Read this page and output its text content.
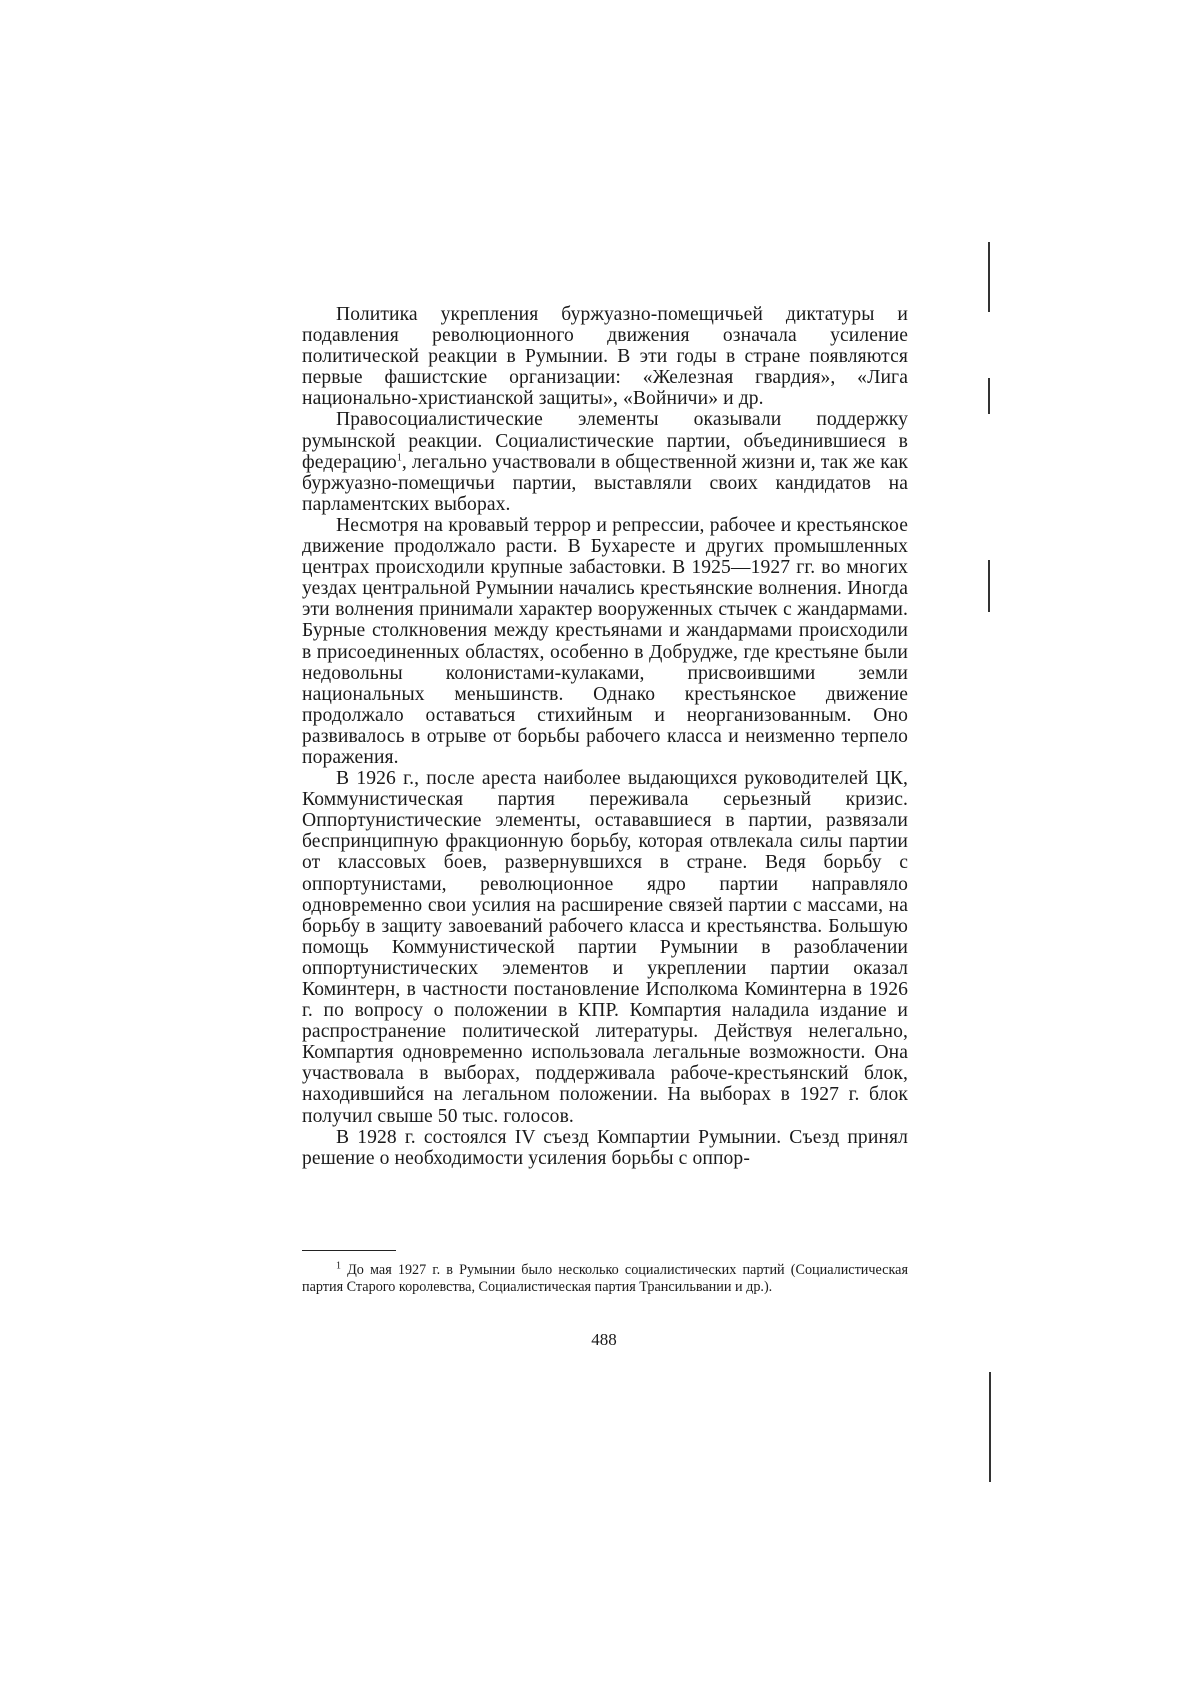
Политика укрепления буржуазно-помещичьей диктатуры и подавления революционного движения означала усиление политической реакции в Румынии. В эти годы в стране появляются первые фашистские организации: «Железная гвардия», «Лига национально-христианской защиты», «Войничи» и др.

Правосоциалистические элементы оказывали поддержку румынской реакции. Социалистические партии, объединившиеся в федерацию$^1$, легально участвовали в общественной жизни и, так же как буржуазно-помещичьи партии, выставляли своих кандидатов на парламентских выборах.

Несмотря на кровавый террор и репрессии, рабочее и крестьянское движение продолжало расти. В Бухаресте и других промышленных центрах происходили крупные забастовки. В 1925—1927 гг. во многих уездах центральной Румынии начались крестьянские волнения. Иногда эти волнения принимали характер вооруженных стычек с жандармами. Бурные столкновения между крестьянами и жандармами происходили в присоединенных областях, особенно в Добрудже, где крестьяне были недовольны колонистами-кулаками, присвоившими земли национальных меньшинств. Однако крестьянское движение продолжало оставаться стихийным и неорганизованным. Оно развивалось в отрыве от борьбы рабочего класса и неизменно терпело поражения.

В 1926 г., после ареста наиболее выдающихся руководителей ЦК, Коммунистическая партия переживала серьезный кризис. Оппортунистические элементы, остававшиеся в партии, развязали беспринципную фракционную борьбу, которая отвлекала силы партии от классовых боев, развернувшихся в стране. Ведя борьбу с оппортунистами, революционное ядро партии направляло одновременно свои усилия на расширение связей партии с массами, на борьбу в защиту завоеваний рабочего класса и крестьянства. Большую помощь Коммунистической партии Румынии в разоблачении оппортунистических элементов и укреплении партии оказал Коминтерн, в частности постановление Исполкома Коминтерна в 1926 г. по вопросу о положении в КПР. Компартия наладила издание и распространение политической литературы. Действуя нелегально, Компартия одновременно использовала легальные возможности. Она участвовала в выборах, поддерживала рабоче-крестьянский блок, находившийся на легальном положении. На выборах в 1927 г. блок получил свыше 50 тыс. голосов.

В 1928 г. состоялся IV съезд Компартии Румынии. Съезд принял решение о необходимости усиления борьбы с оппор-

$^1$ До мая 1927 г. в Румынии было несколько социалистических партий (Социалистическая партия Старого королевства, Социалистическая партия Трансильвании и др.).

488
